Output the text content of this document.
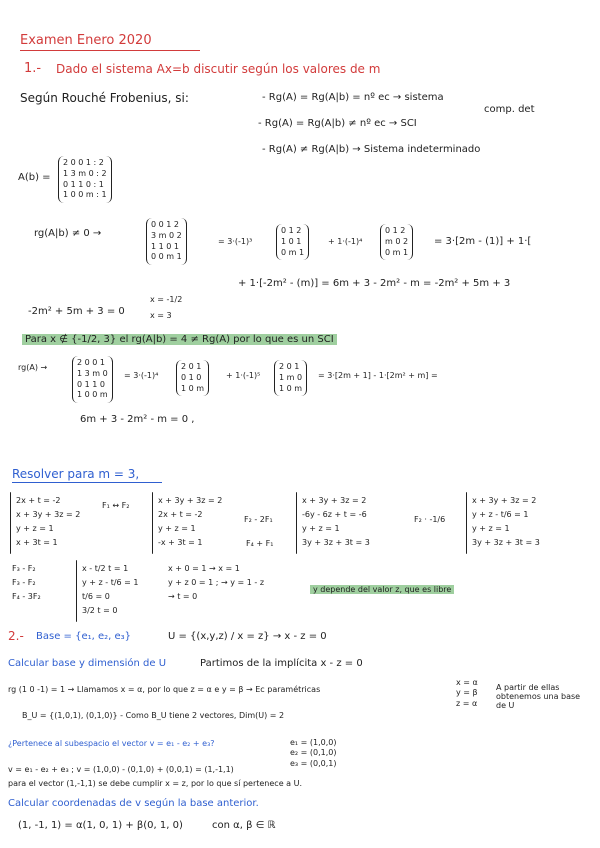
Examen Enero 2020
1.- Dado el sistema Ax=b discutir según los valores de m
Según Rouché Frobenius, si:	- Rg(A) = Rg(A|b) = nº ec → sistema
comp. det
- Rg(A) = Rg(A|b) ≠ nº ec → SCI
- Rg(A) ≠ Rg(A|b) → Sistema indeterminado
A(b) =
2 0 0 1 : 2
1 3 m 0 : 2
0 1 1 0 : 1
1 0 0 m : 1
rg(A|b) ≠ 0 →
0 0 1 2
3 m 0 2
1 1 0 1
0 0 m 1
= 3·(-1)³
0 1 2
1 0 1
0 m 1
+ 1·(-1)⁴
0 1 2
m 0 2
0 m 1
= 3·[2m - (1)] + 1·[
+ 1·[-2m² - (m)] = 6m + 3 - 2m² - m = -2m² + 5m + 3
-2m² + 5m + 3 = 0
x = -1/2
x = 3
Para x ∉ {-1/2, 3} el rg(A|b) = 4 ≠ Rg(A) por lo que es un SCI
rg(A) →
2 0 0 1
1 3 m 0
0 1 1 0
1 0 0 m
= 3·(-1)⁴
2 0 1
0 1 0
1 0 m
+ 1·(-1)⁵
2 0 1
1 m 0
1 0 m
= 3·[2m + 1] - 1·[2m² + m] =
6m + 3 - 2m² - m = 0 ,
Resolver para m = 3,
2x + t = -2
x + 3y + 3z = 2
y + z = 1
x + 3t = 1
F₁ ↔ F₂
x + 3y + 3z = 2
2x + t = -2
y + z = 1
-x + 3t = 1
F₂ - 2F₁
F₄ + F₁
x + 3y + 3z = 2
-6y - 6z + t = -6
y + z = 1
3y + 3z + 3t = 3
F₂ · -1/6
x + 3y + 3z = 2
y + z - t/6 = 1
y + z = 1
3y + 3z + 3t = 3
F₃ - F₂
F₃ - F₂
F₄ - 3F₂
x - t/2 t = 1
y + z - t/6 = 1
t/6 = 0
3/2 t = 0
x + 0 = 1 → x = 1
y + z 0 = 1 ; → y = 1 - z
→ t = 0
y depende del valor z, que es libre
2.- Base = {e₁, e₂, e₃}	U = {(x,y,z) / x = z} → x - z = 0
Calcular base y dimensión de U	Partimos de la implícita x - z = 0
rg (1 0 -1) = 1 → Llamamos x = α, por lo que z = α e y = β → Ec paramétricas
x = α
y = β
z = α
A partir de ellas obtenemos una base de U
B_U = {(1,0,1), (0,1,0)} - Como B_U tiene 2 vectores, Dim(U) = 2
¿Pertenece al subespacio el vector v = e₁ - e₂ + e₃?	e₁ = (1,0,0)
e₂ = (0,1,0)
e₃ = (0,0,1)
v = e₁ - e₂ + e₃ ; v = (1,0,0) - (0,1,0) + (0,0,1) = (1,-1,1)
para el vector (1,-1,1) se debe cumplir x = z, por lo que sí pertenece a U.
Calcular coordenadas de v según la base anterior.
(1, -1, 1) = α(1, 0, 1) + β(0, 1, 0)	con α, β ∈ ℝ
